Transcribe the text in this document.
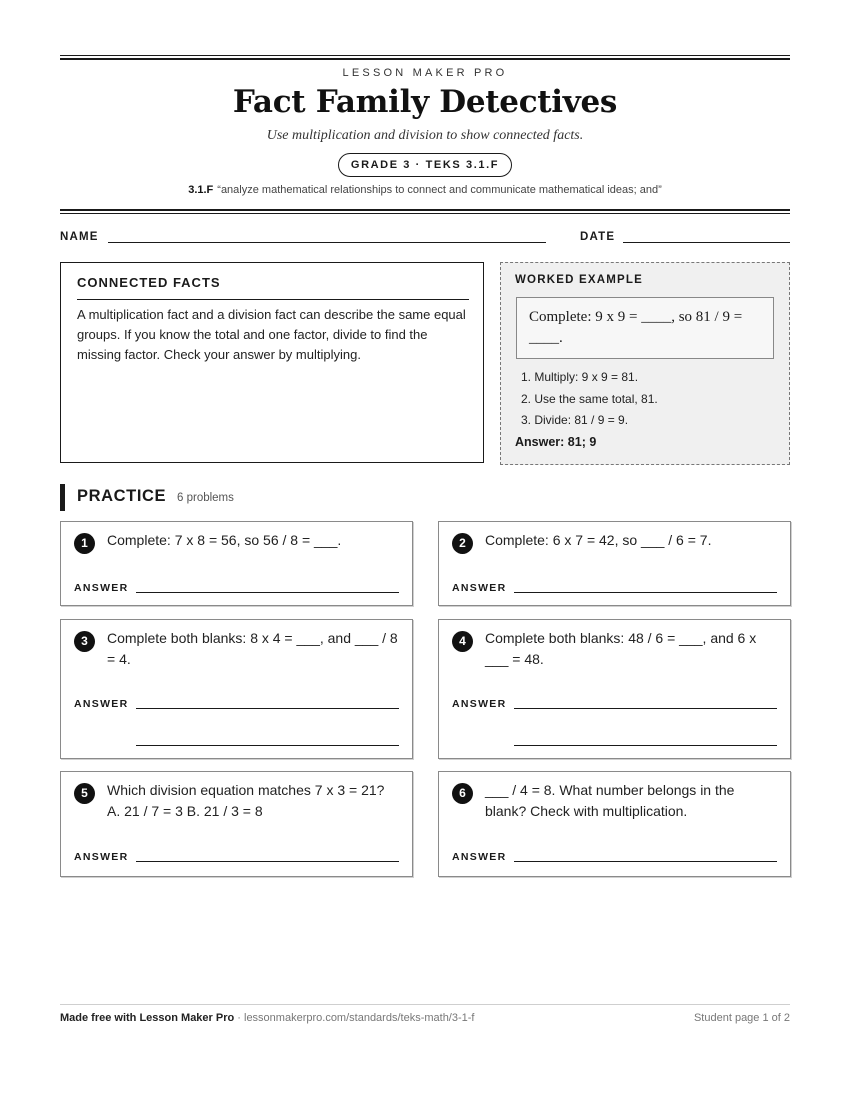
LESSON MAKER PRO
Fact Family Detectives
Use multiplication and division to show connected facts.
GRADE 3 · TEKS 3.1.F
3.1.F “analyze mathematical relationships to connect and communicate mathematical ideas; and”
NAME	DATE
CONNECTED FACTS
A multiplication fact and a division fact can describe the same equal groups. If you know the total and one factor, divide to find the missing factor. Check your answer by multiplying.
WORKED EXAMPLE
Complete: 9 x 9 = ____, so 81 / 9 = ____.
1. Multiply: 9 x 9 = 81.
2. Use the same total, 81.
3. Divide: 81 / 9 = 9.
Answer: 81; 9
PRACTICE 6 problems
1	Complete: 7 x 8 = 56, so 56 / 8 = ___.
ANSWER
2	Complete: 6 x 7 = 42, so ___ / 6 = 7.
ANSWER
3	Complete both blanks: 8 x 4 = ___, and ___ / 8 = 4.
ANSWER
4	Complete both blanks: 48 / 6 = ___, and 6 x ___ = 48.
ANSWER
5	Which division equation matches 7 x 3 = 21? A. 21 / 7 = 3 B. 21 / 3 = 8
ANSWER
6	___ / 4 = 8. What number belongs in the blank? Check with multiplication.
ANSWER
Made free with Lesson Maker Pro · lessonmakerpro.com/standards/teks-math/3-1-f	Student page 1 of 2
